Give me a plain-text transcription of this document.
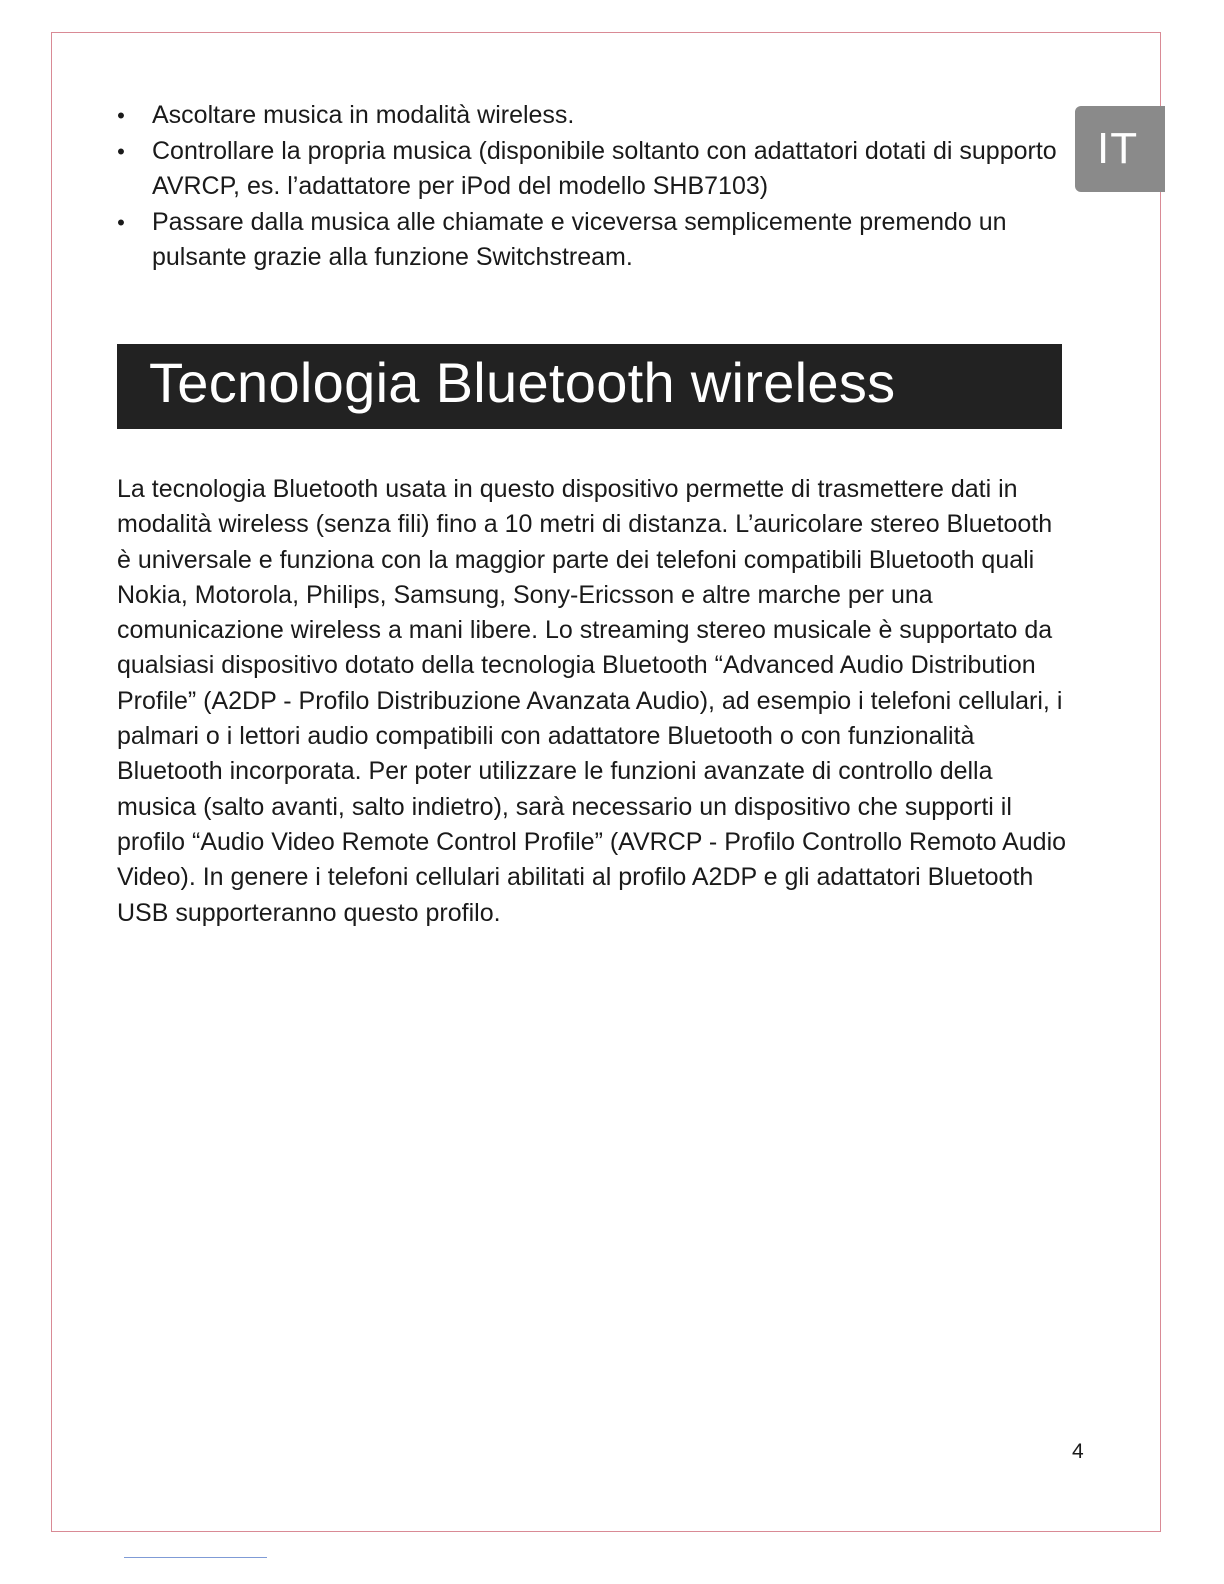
IT
• Ascoltare musica in modalità wireless.
• Controllare la propria musica (disponibile soltanto con adattatori dotati di supporto AVRCP, es. l’adattatore per iPod del modello SHB7103)
• Passare dalla musica alle chiamate e viceversa semplicemente premendo un pulsante grazie alla funzione Switchstream.
Tecnologia Bluetooth wireless

La tecnologia Bluetooth usata in questo dispositivo permette di trasmettere dati in modalità wireless (senza fili) fino a 10 metri di distanza. L’auricolare stereo Bluetooth è universale e funziona con la maggior parte dei telefoni compatibili Bluetooth quali Nokia, Motorola, Philips, Samsung, Sony-Ericsson e altre marche per una comunicazione wireless a mani libere. Lo streaming stereo musicale è supportato da qualsiasi dispositivo dotato della tecnologia Bluetooth “Advanced Audio Distribution Profile” (A2DP - Profilo Distribuzione Avanzata Audio), ad esempio i telefoni cellulari, i palmari o i lettori audio compatibili con adattatore Bluetooth o con funzionalità Bluetooth incorporata. Per poter utilizzare le funzioni avanzate di controllo della musica (salto avanti, salto indietro), sarà necessario un dispositivo che supporti il profilo “Audio Video Remote Control Profile” (AVRCP - Profilo Controllo Remoto Audio Video). In genere i telefoni cellulari abilitati al profilo A2DP e gli adattatori Bluetooth USB supporteranno questo profilo.

4
